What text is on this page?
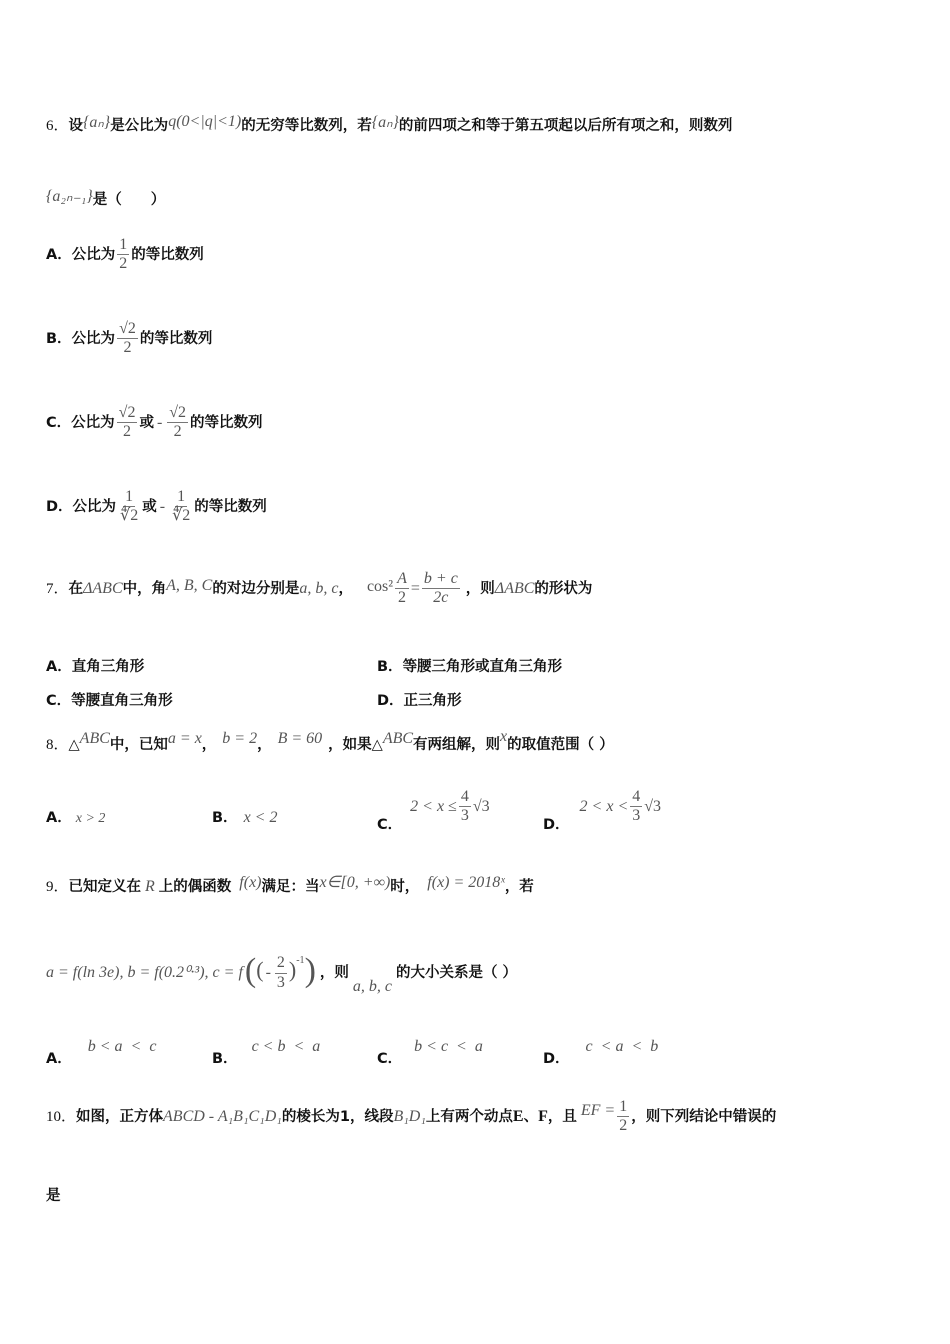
6．设{aₙ}是公比为q(0<|q|<1)的无穷等比数列，若{aₙ}的前四项之和等于第五项起以后所有项之和，则数列
{a₂ₙ₋₁}是（　　）
A．公比为 $\frac{1}{2}$ 的等比数列
B．公比为 $\frac{√2}{2}$ 的等比数列
C．公比为 $\frac{√2}{2}$ 或 - $\frac{√2}{2}$ 的等比数列
D．公比为 $\frac{1}{∜2}$ 或 - $\frac{1}{∜2}$ 的等比数列
7．在ΔABC中，角A, B, C的对边分别是a, b, c， $\cos^2 \frac{A}{2} = \frac{b + c}{2c}$ ，则ΔABC的形状为
A．直角三角形	B．等腰三角形或直角三角形
C．等腰直角三角形	D．正三角形
8．△ABC中，已知a = x， b = 2， B = 60 ，如果△ABC有两组解，则x的取值范围（ ）
A． x > 2	B． x < 2	C．$2 < x \le \frac{4}{3} √3$
D．$2 < x < \frac{4}{3} √3$
9．已知定义在 R 上的偶函数 f(x)满足：当x∈[0, +∞)时， f(x) = 2018ˣ，若
a = f(ln 3e), b = f(0.2⁰·³), $c = f(( - \frac{2}{3} )^{-1})$ ，则a, b, c的大小关系是（ ）
A．b < a  <  c
B．c < b  <  a
C．b < c  <  a
D．c  < a  <  b
10．如图，正方体ABCD - A₁B₁C₁D₁的棱长为1，线段B₁D₁上有两个动点E、F，且 EF = $\frac{1}{2}$ ，则下列结论中错误的
是
